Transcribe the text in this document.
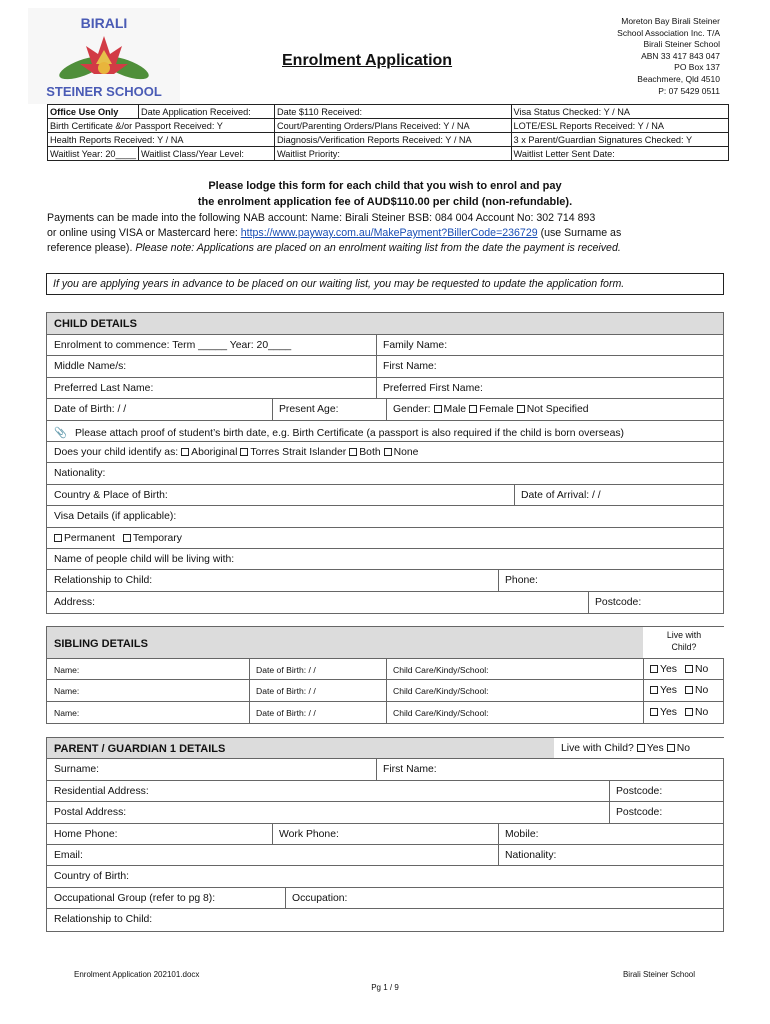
BIRALI
STEINER SCHOOL
Enrolment Application
Moreton Bay Birali Steiner
School Association Inc. T/A
Birali Steiner School
ABN 33 417 843 047
PO Box 137
Beachmere, Qld 4510
P: 07 5429 0511
Office Use Only	Date Application Received:	Date $110 Received:	Visa Status Checked: Y / NA
Birth Certificate &/or Passport Received: Y		Court/Parenting Orders/Plans Received: Y / NA	LOTE/ESL Reports Received: Y / NA
Health Reports Received: Y / NA		Diagnosis/Verification Reports Received: Y / NA	3 x Parent/Guardian Signatures Checked: Y
Waitlist Year: 20____	Waitlist Class/Year Level:	Waitlist Priority:	Waitlist Letter Sent Date:
Please lodge this form for each child that you wish to enrol and pay
the enrolment application fee of AUD$110.00 per child (non-refundable).
Payments can be made into the following NAB account: Name: Birali Steiner BSB: 084 004 Account No: 302 714 893
or online using VISA or Mastercard here: https://www.payway.com.au/MakePayment?BillerCode=236729 (use Surname as
reference please). Please note: Applications are placed on an enrolment waiting list from the date the payment is received.
If you are applying years in advance to be placed on our waiting list, you may be requested to update the application form.
CHILD DETAILS
Enrolment to commence: Term _____ Year: 20____	Family Name:
Middle Name/s:	First Name:
Preferred Last Name:	Preferred First Name:
Date of Birth: / /	Present Age:	Gender: Male Female Not Specified
📎 Please attach proof of student’s birth date, e.g. Birth Certificate (a passport is also required if the child is born overseas)
Does your child identify as: Aboriginal Torres Strait Islander Both None
Nationality:
Country & Place of Birth:	Date of Arrival: / /
Visa Details (if applicable):
Permanent Temporary
Name of people child will be living with:
Relationship to Child:	Phone:
Address:	Postcode:
SIBLING DETAILS
Live with Child?
Name:	Date of Birth: / /	Child Care/Kindy/School:	Yes No
Name:	Date of Birth: / /	Child Care/Kindy/School:	Yes No
Name:	Date of Birth: / /	Child Care/Kindy/School:	Yes No
PARENT / GUARDIAN 1 DETAILS	Live with Child? Yes No
Surname:	First Name:
Residential Address:	Postcode:
Postal Address:	Postcode:
Home Phone:	Work Phone:	Mobile:
Email:	Nationality:
Country of Birth:
Occupational Group (refer to pg 8):	Occupation:
Relationship to Child:
Enrolment Application 202101.docx	Birali Steiner School
Pg 1 / 9
